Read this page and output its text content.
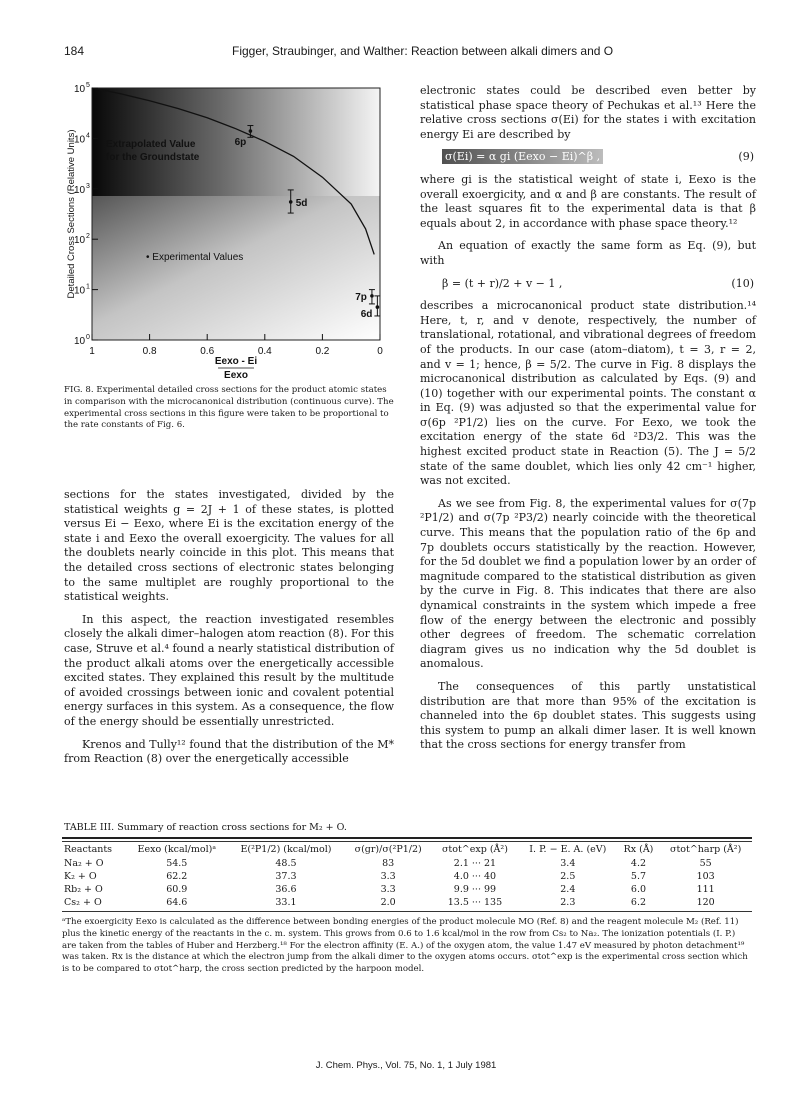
184	Figger, Straubinger, and Walther: Reaction between alkali dimers and O
Extrapolated Value
for the Groundstate
• Experimental Values
Detailed Cross Sections (Relative Units)
Eexo - Ei
Eexo
10 0
10 1
10 2
10 3
10 4
10 5
1	0.8	0.6	0.4	0.2	0
6p
5d
7p
6d
FIG. 8. Experimental detailed cross sections for the product atomic states in comparison with the microcanonical distribution (continuous curve). The experimental cross sections in this figure were taken to be proportional to the rate constants of Fig. 6.

sections for the states investigated, divided by the statistical weights g = 2J + 1 of these states, is plotted versus Ei − Eexo, where Ei is the excitation energy of the state i and Eexo the overall exoergicity. The values for all the doublets nearly coincide in this plot. This means that the detailed cross sections of electronic states belonging to the same multiplet are roughly proportional to the statistical weights.

In this aspect, the reaction investigated resembles closely the alkali dimer–halogen atom reaction (8). For this case, Struve et al.⁴ found a nearly statistical distribution of the product alkali atoms over the energetically accessible excited states. They explained this result by the multitude of avoided crossings between ionic and covalent potential energy surfaces in this system. As a consequence, the flow of the energy should be essentially unrestricted.

Krenos and Tully¹² found that the distribution of the M* from Reaction (8) over the energetically accessible

electronic states could be described even better by statistical phase space theory of Pechukas et al.¹³ Here the relative cross sections σ(Ei) for the states i with excitation energy Ei are described by

σ(Ei) = α gi (Eexo − Ei)^β ,	(9)

where gi is the statistical weight of state i, Eexo is the overall exoergicity, and α and β are constants. The result of the least squares fit to the experimental data is that β equals about 2, in accordance with phase space theory.¹²

An equation of exactly the same form as Eq. (9), but with

β = (t + r)/2 + v − 1 ,	(10)

describes a microcanonical product state distribution.¹⁴ Here, t, r, and v denote, respectively, the number of translational, rotational, and vibrational degrees of freedom of the products. In our case (atom–diatom), t = 3, r = 2, and v = 1; hence, β = 5/2. The curve in Fig. 8 displays the microcanonical distribution as calculated by Eqs. (9) and (10) together with our experimental points. The constant α in Eq. (9) was adjusted so that the experimental value for σ(6p ²P1/2) lies on the curve. For Eexo, we took the excitation energy of the state 6d ²D3/2. This was the highest excited product state in Reaction (5). The J = 5/2 state of the same doublet, which lies only 42 cm⁻¹ higher, was not excited.

As we see from Fig. 8, the experimental values for σ(7p ²P1/2) and σ(7p ²P3/2) nearly coincide with the theoretical curve. This means that the population ratio of the 6p and 7p doublets occurs statistically by the reaction. However, for the 5d doublet we find a population lower by an order of magnitude compared to the statistical distribution as given by the curve in Fig. 8. This indicates that there are also dynamical constraints in the system which impede a free flow of the energy between the electronic and possibly other degrees of freedom. The schematic correlation diagram gives us no indication why the 5d doublet is anomalous.

The consequences of this partly unstatistical distribution are that more than 95% of the excitation is channeled into the 6p doublet states. This suggests using this system to pump an alkali dimer laser. It is well known that the cross sections for energy transfer from

TABLE III. Summary of reaction cross sections for M₂ + O.
Reactants	Eexo (kcal/mol)ᵃ	E(²P1/2) (kcal/mol)	σ(gr)/σ(²P1/2)	σtot^exp (Å²)	I. P. − E. A. (eV)	Rx (Å)	σtot^harp (Å²)
Na₂ + O	54.5	48.5	83	2.1 ··· 21	3.4	4.2	55
K₂ + O	62.2	37.3	3.3	4.0 ··· 40	2.5	5.7	103
Rb₂ + O	60.9	36.6	3.3	9.9 ··· 99	2.4	6.0	111
Cs₂ + O	64.6	33.1	2.0	13.5 ··· 135	2.3	6.2	120
ᵃThe exoergicity Eexo is calculated as the difference between bonding energies of the product molecule MO (Ref. 8) and the reagent molecule M₂ (Ref. 11) plus the kinetic energy of the reactants in the c. m. system. This grows from 0.6 to 1.6 kcal/mol in the row from Cs₂ to Na₂. The ionization potentials (I. P.) are taken from the tables of Huber and Herzberg.¹⁸ For the electron affinity (E. A.) of the oxygen atom, the value 1.47 eV measured by photon detachment¹⁹ was taken. Rx is the distance at which the electron jump from the alkali dimer to the oxygen atoms occurs. σtot^exp is the experimental cross section which is to be compared to σtot^harp, the cross section predicted by the harpoon model.
J. Chem. Phys., Vol. 75, No. 1, 1 July 1981
